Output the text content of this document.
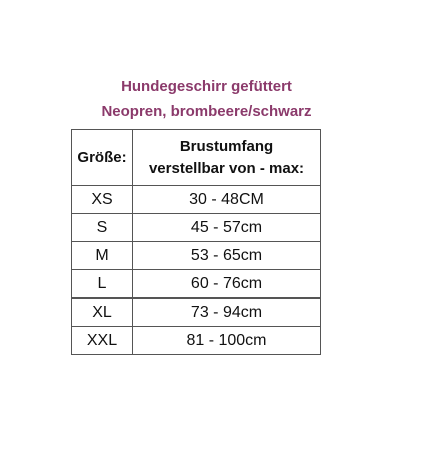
Hundegeschirr gefüttert
Neopren, brombeere/schwarz
Größe:	Brustumfang
verstellbar von - max:
XS	30 - 48CM
S	45 - 57cm
M	53 - 65cm
L	60 - 76cm
XL	73 - 94cm
XXL	81 - 100cm
